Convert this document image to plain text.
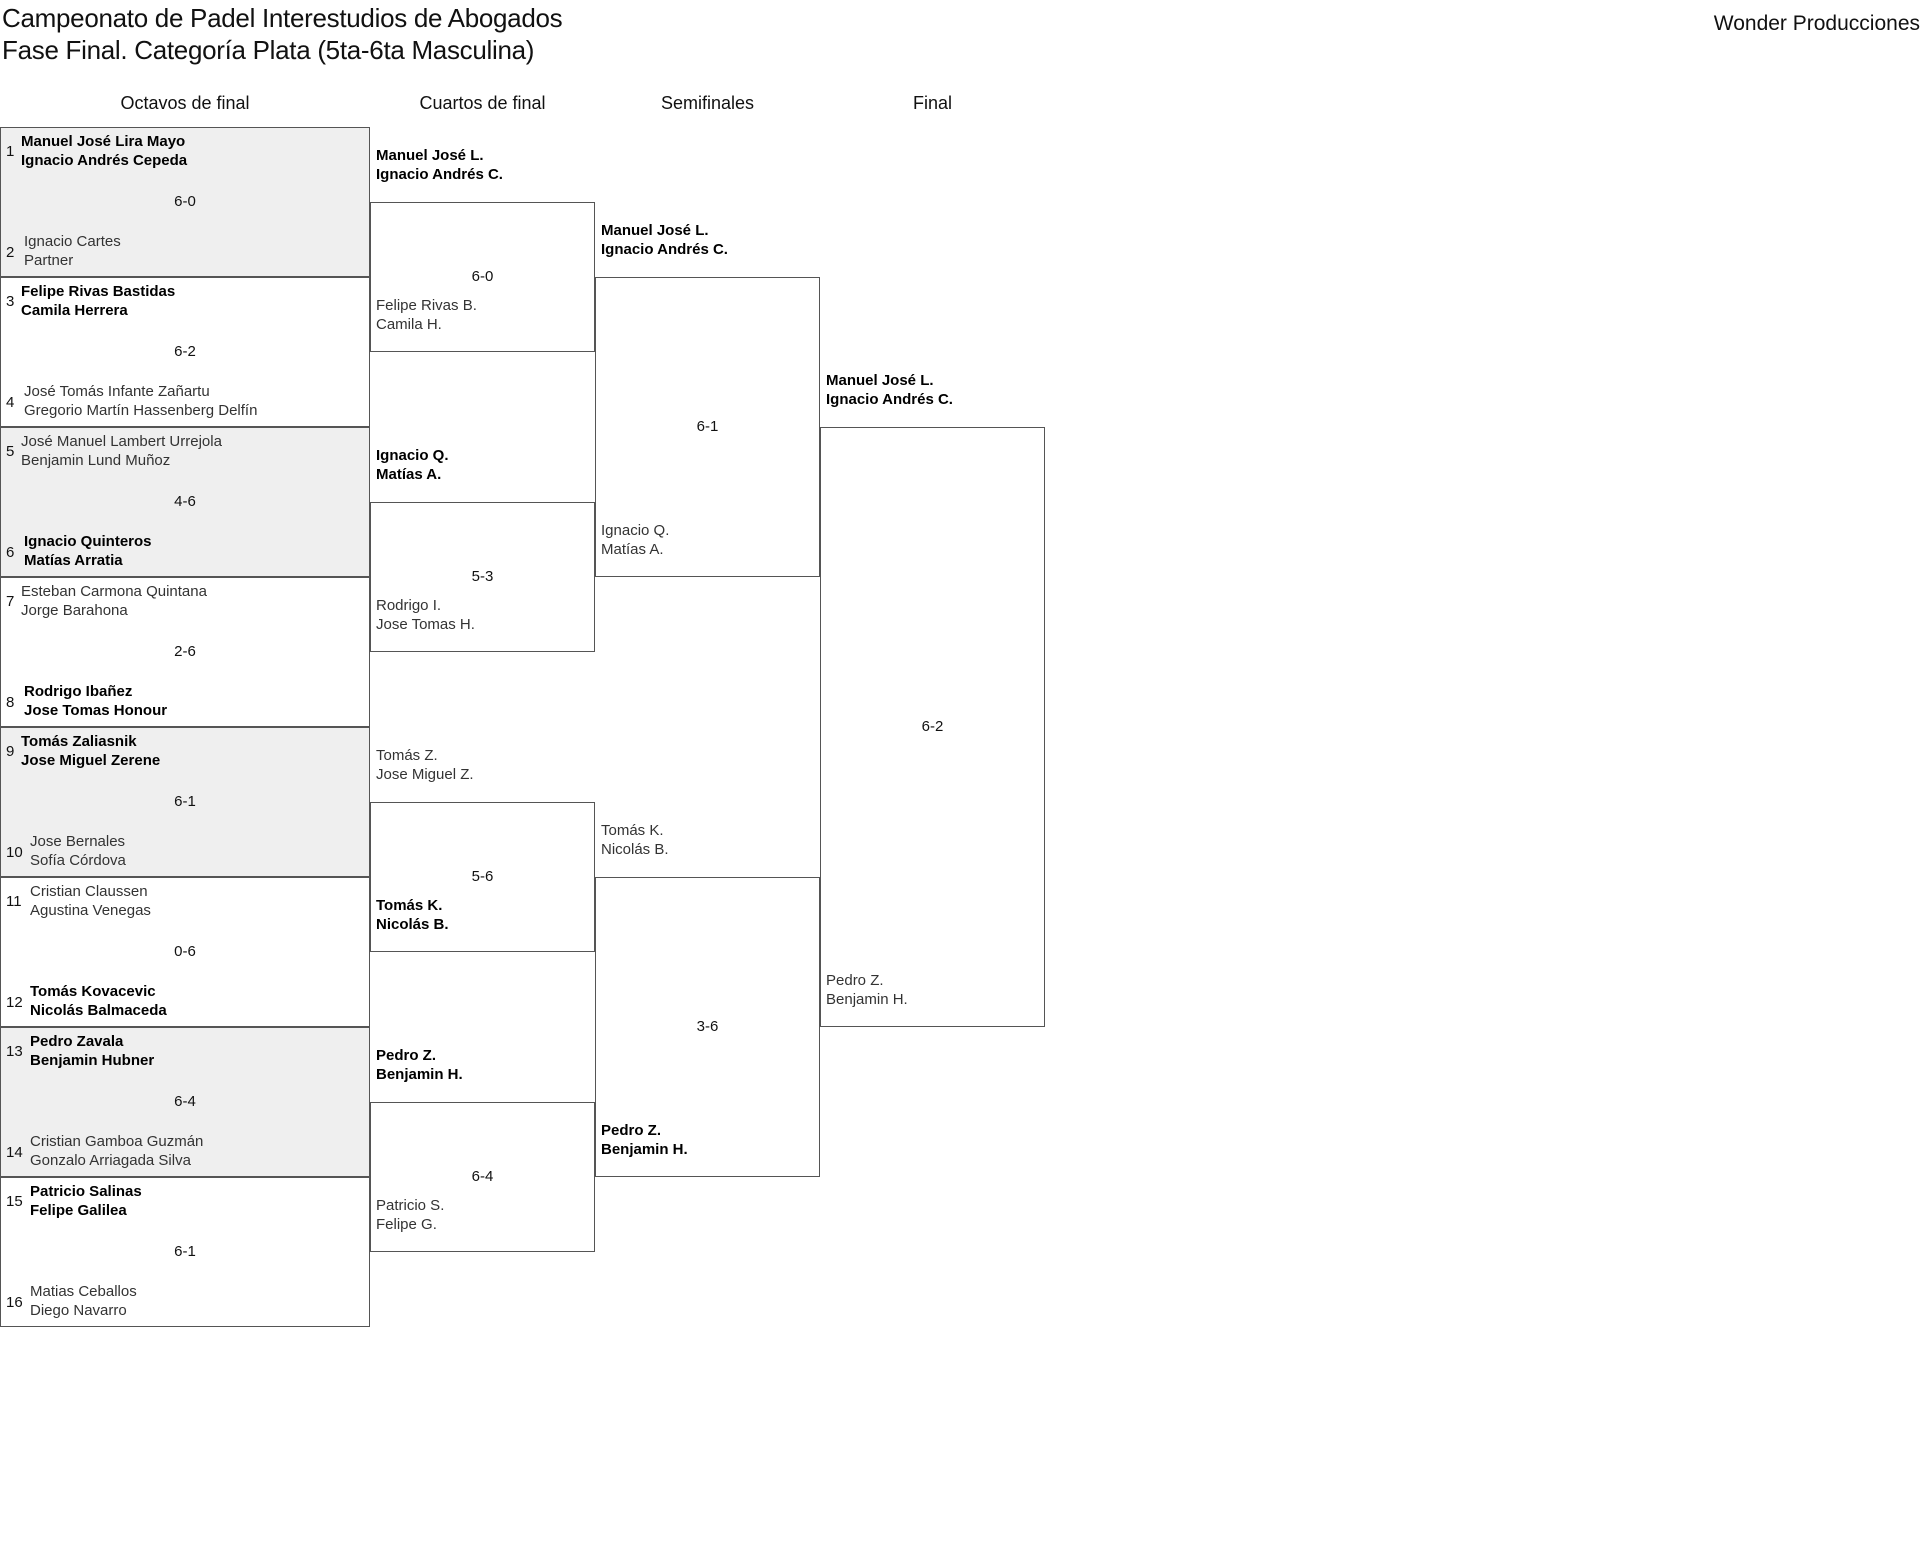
Campeonato de Padel Interestudios de Abogados
Fase Final. Categoría Plata (5ta-6ta Masculina)
Wonder Producciones
Octavos de final	Cuartos de final	Semifinales	Final
1
Manuel José Lira Mayo
Ignacio Andrés Cepeda
6-0
2
Ignacio Cartes
Partner
3
Felipe Rivas Bastidas
Camila Herrera
6-2
4
José Tomás Infante Zañartu
Gregorio Martín Hassenberg Delfín
5
José Manuel Lambert Urrejola
Benjamin Lund Muñoz
4-6
6
Ignacio Quinteros
Matías Arratia
7
Esteban Carmona Quintana
Jorge Barahona
2-6
8
Rodrigo Ibañez
Jose Tomas Honour
9
Tomás Zaliasnik
Jose Miguel Zerene
6-1
10
Jose Bernales
Sofía Córdova
11
Cristian Claussen
Agustina Venegas
0-6
12
Tomás Kovacevic
Nicolás Balmaceda
13
Pedro Zavala
Benjamin Hubner
6-4
14
Cristian Gamboa Guzmán
Gonzalo Arriagada Silva
15
Patricio Salinas
Felipe Galilea
6-1
16
Matias Ceballos
Diego Navarro
Manuel José L.
Ignacio Andrés C.
6-0
Felipe Rivas B.
Camila H.
Ignacio Q.
Matías A.
5-3
Rodrigo I.
Jose Tomas H.
Tomás Z.
Jose Miguel Z.
5-6
Tomás K.
Nicolás B.
Pedro Z.
Benjamin H.
6-4
Patricio S.
Felipe G.
Manuel José L.
Ignacio Andrés C.
6-1
Ignacio Q.
Matías A.
Tomás K.
Nicolás B.
3-6
Pedro Z.
Benjamin H.
Manuel José L.
Ignacio Andrés C.
6-2
Pedro Z.
Benjamin H.
